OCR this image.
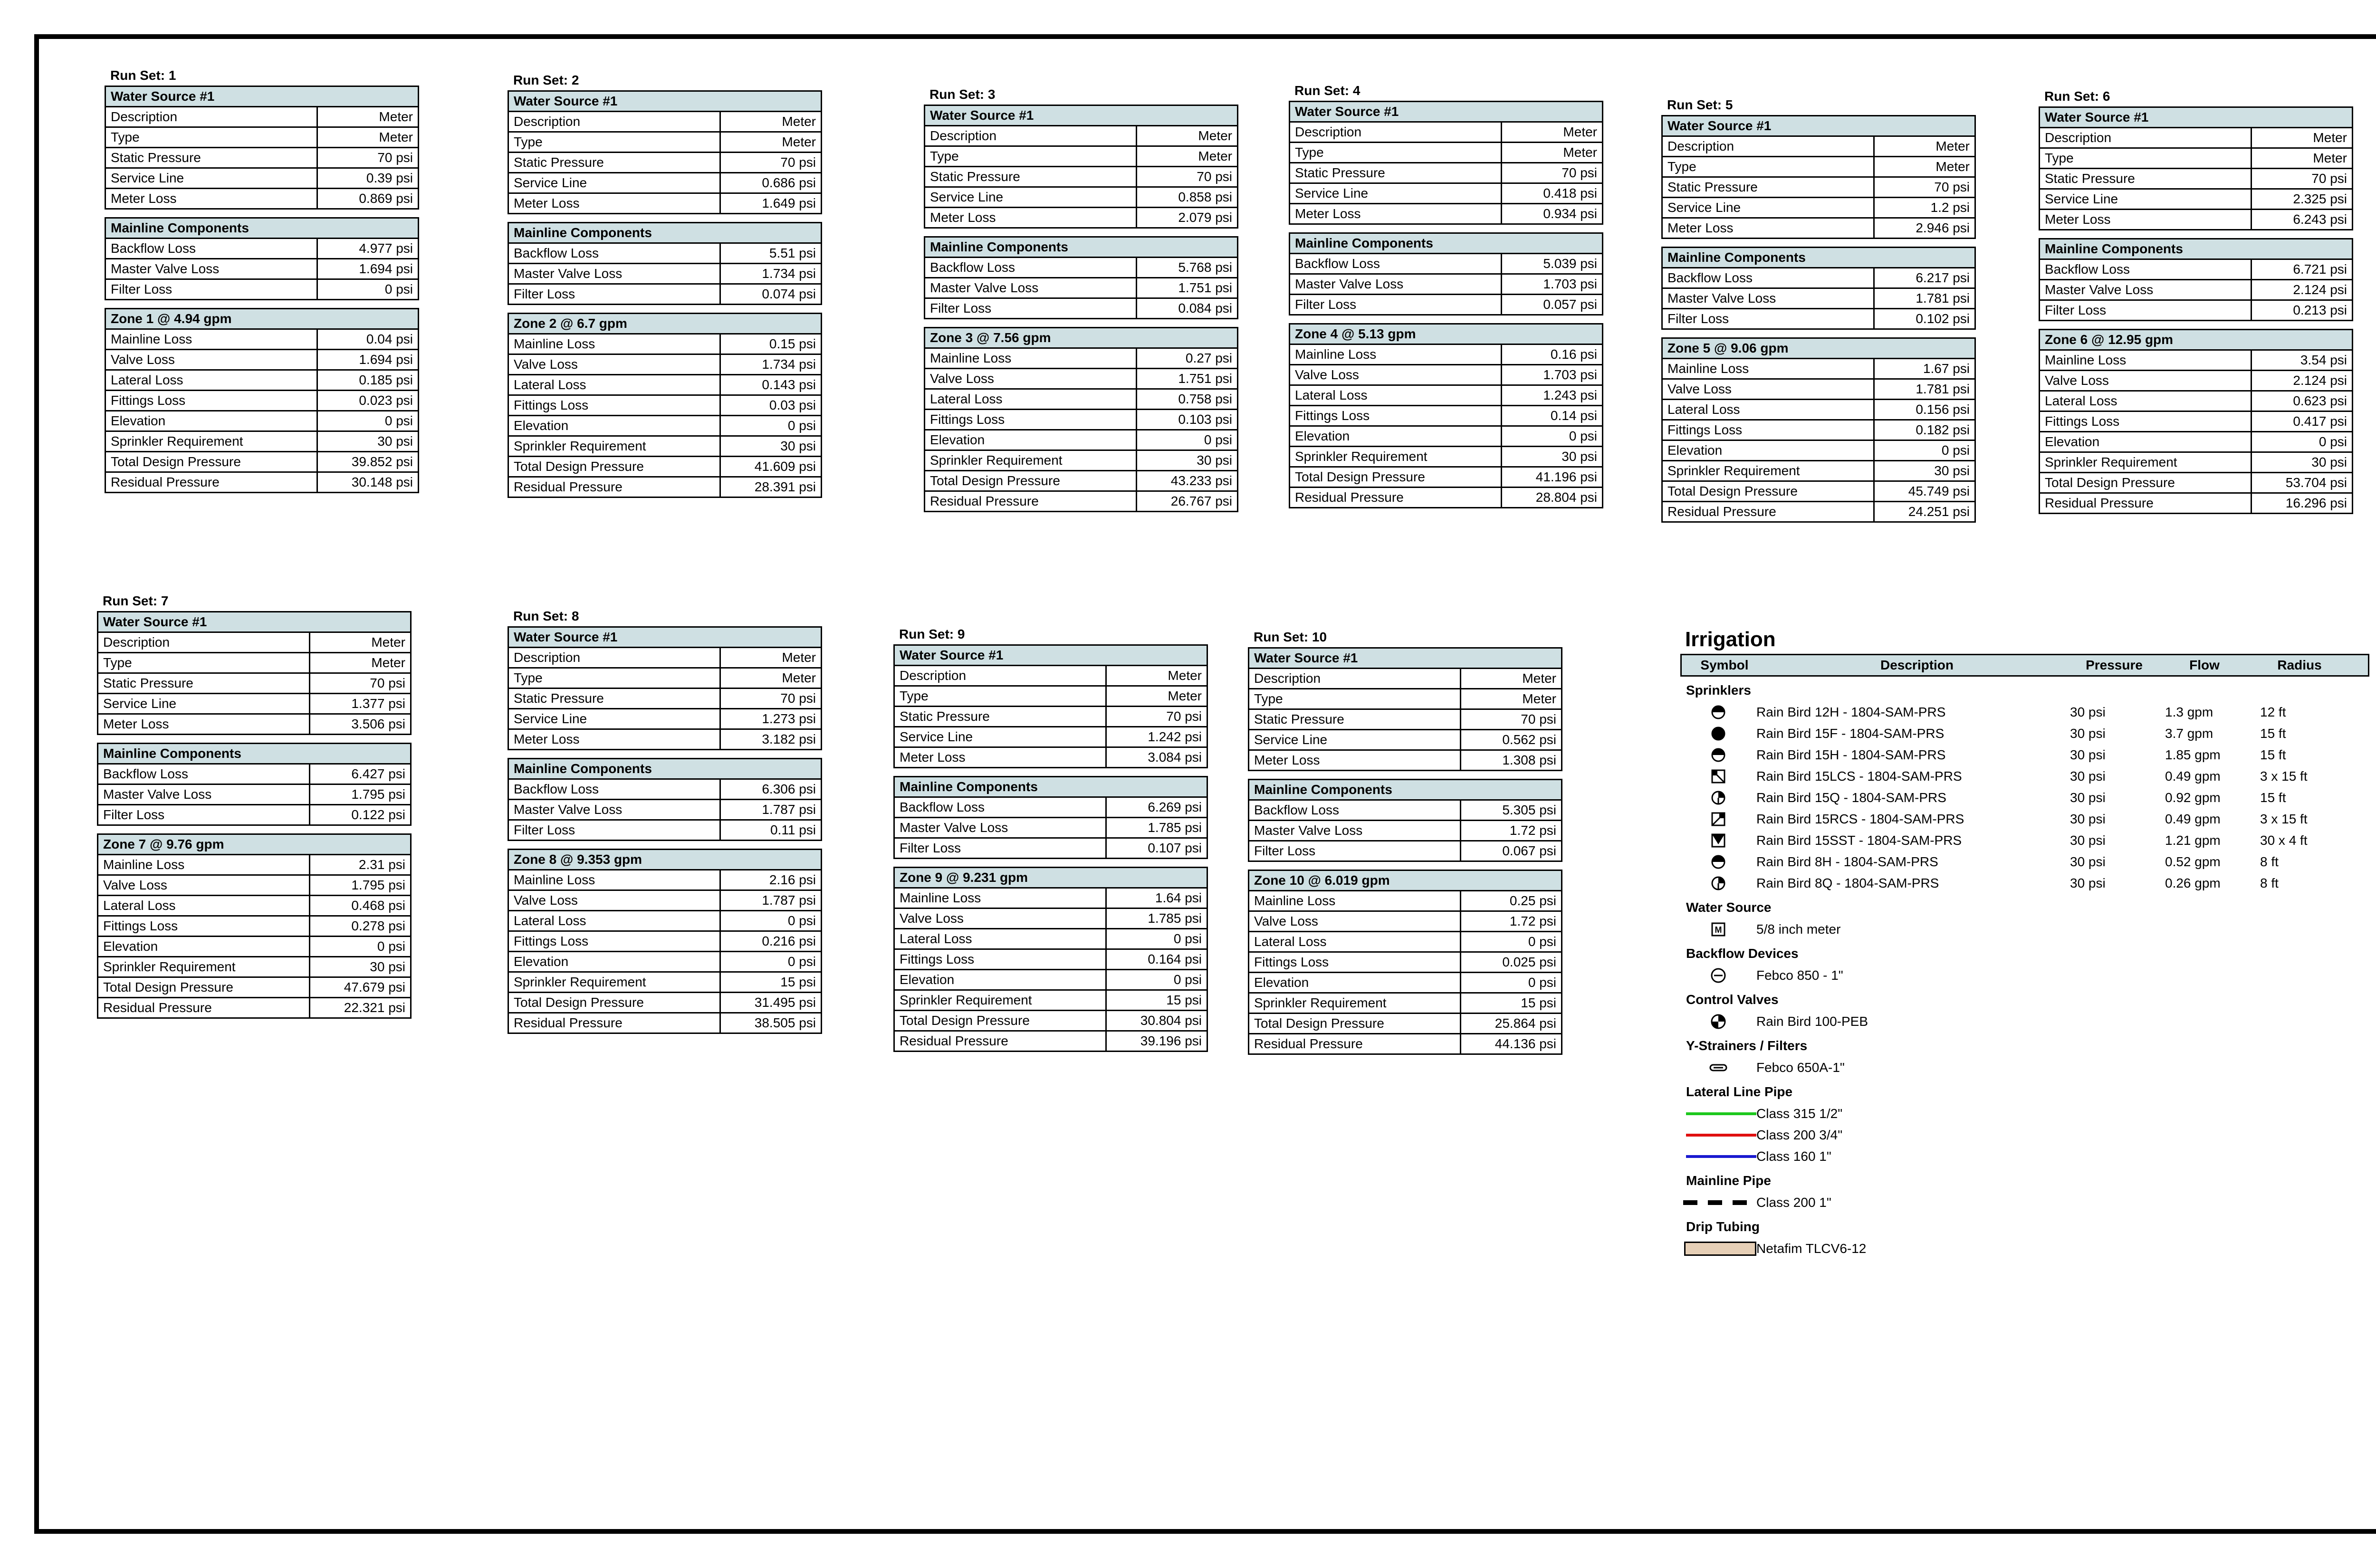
Run Set: 1
Water Source #1	
Description	Meter
Type	Meter
Static Pressure	70 psi
Service Line	0.39 psi
Meter Loss	0.869 psi
Mainline Components	
Backflow Loss	4.977 psi
Master Valve Loss	1.694 psi
Filter Loss	0 psi
Zone 1 @ 4.94 gpm	
Mainline Loss	0.04 psi
Valve Loss	1.694 psi
Lateral Loss	0.185 psi
Fittings Loss	0.023 psi
Elevation	0 psi
Sprinkler Requirement	30 psi
Total Design Pressure	39.852 psi
Residual Pressure	30.148 psi
Run Set: 2
Water Source #1	
Description	Meter
Type	Meter
Static Pressure	70 psi
Service Line	0.686 psi
Meter Loss	1.649 psi
Mainline Components	
Backflow Loss	5.51 psi
Master Valve Loss	1.734 psi
Filter Loss	0.074 psi
Zone 2 @ 6.7 gpm	
Mainline Loss	0.15 psi
Valve Loss	1.734 psi
Lateral Loss	0.143 psi
Fittings Loss	0.03 psi
Elevation	0 psi
Sprinkler Requirement	30 psi
Total Design Pressure	41.609 psi
Residual Pressure	28.391 psi
Run Set: 3
Water Source #1	
Description	Meter
Type	Meter
Static Pressure	70 psi
Service Line	0.858 psi
Meter Loss	2.079 psi
Mainline Components	
Backflow Loss	5.768 psi
Master Valve Loss	1.751 psi
Filter Loss	0.084 psi
Zone 3 @ 7.56 gpm	
Mainline Loss	0.27 psi
Valve Loss	1.751 psi
Lateral Loss	0.758 psi
Fittings Loss	0.103 psi
Elevation	0 psi
Sprinkler Requirement	30 psi
Total Design Pressure	43.233 psi
Residual Pressure	26.767 psi
Run Set: 4
Water Source #1	
Description	Meter
Type	Meter
Static Pressure	70 psi
Service Line	0.418 psi
Meter Loss	0.934 psi
Mainline Components	
Backflow Loss	5.039 psi
Master Valve Loss	1.703 psi
Filter Loss	0.057 psi
Zone 4 @ 5.13 gpm	
Mainline Loss	0.16 psi
Valve Loss	1.703 psi
Lateral Loss	1.243 psi
Fittings Loss	0.14 psi
Elevation	0 psi
Sprinkler Requirement	30 psi
Total Design Pressure	41.196 psi
Residual Pressure	28.804 psi
Run Set: 5
Water Source #1	
Description	Meter
Type	Meter
Static Pressure	70 psi
Service Line	1.2 psi
Meter Loss	2.946 psi
Mainline Components	
Backflow Loss	6.217 psi
Master Valve Loss	1.781 psi
Filter Loss	0.102 psi
Zone 5 @ 9.06 gpm	
Mainline Loss	1.67 psi
Valve Loss	1.781 psi
Lateral Loss	0.156 psi
Fittings Loss	0.182 psi
Elevation	0 psi
Sprinkler Requirement	30 psi
Total Design Pressure	45.749 psi
Residual Pressure	24.251 psi
Run Set: 6
Water Source #1	
Description	Meter
Type	Meter
Static Pressure	70 psi
Service Line	2.325 psi
Meter Loss	6.243 psi
Mainline Components	
Backflow Loss	6.721 psi
Master Valve Loss	2.124 psi
Filter Loss	0.213 psi
Zone 6 @ 12.95 gpm	
Mainline Loss	3.54 psi
Valve Loss	2.124 psi
Lateral Loss	0.623 psi
Fittings Loss	0.417 psi
Elevation	0 psi
Sprinkler Requirement	30 psi
Total Design Pressure	53.704 psi
Residual Pressure	16.296 psi
Run Set: 7
Water Source #1	
Description	Meter
Type	Meter
Static Pressure	70 psi
Service Line	1.377 psi
Meter Loss	3.506 psi
Mainline Components	
Backflow Loss	6.427 psi
Master Valve Loss	1.795 psi
Filter Loss	0.122 psi
Zone 7 @ 9.76 gpm	
Mainline Loss	2.31 psi
Valve Loss	1.795 psi
Lateral Loss	0.468 psi
Fittings Loss	0.278 psi
Elevation	0 psi
Sprinkler Requirement	30 psi
Total Design Pressure	47.679 psi
Residual Pressure	22.321 psi
Run Set: 8
Water Source #1	
Description	Meter
Type	Meter
Static Pressure	70 psi
Service Line	1.273 psi
Meter Loss	3.182 psi
Mainline Components	
Backflow Loss	6.306 psi
Master Valve Loss	1.787 psi
Filter Loss	0.11 psi
Zone 8 @ 9.353 gpm	
Mainline Loss	2.16 psi
Valve Loss	1.787 psi
Lateral Loss	0 psi
Fittings Loss	0.216 psi
Elevation	0 psi
Sprinkler Requirement	15 psi
Total Design Pressure	31.495 psi
Residual Pressure	38.505 psi
Run Set: 9
Water Source #1	
Description	Meter
Type	Meter
Static Pressure	70 psi
Service Line	1.242 psi
Meter Loss	3.084 psi
Mainline Components	
Backflow Loss	6.269 psi
Master Valve Loss	1.785 psi
Filter Loss	0.107 psi
Zone 9 @ 9.231 gpm	
Mainline Loss	1.64 psi
Valve Loss	1.785 psi
Lateral Loss	0 psi
Fittings Loss	0.164 psi
Elevation	0 psi
Sprinkler Requirement	15 psi
Total Design Pressure	30.804 psi
Residual Pressure	39.196 psi
Run Set: 10
Water Source #1	
Description	Meter
Type	Meter
Static Pressure	70 psi
Service Line	0.562 psi
Meter Loss	1.308 psi
Mainline Components	
Backflow Loss	5.305 psi
Master Valve Loss	1.72 psi
Filter Loss	0.067 psi
Zone 10 @ 6.019 gpm	
Mainline Loss	0.25 psi
Valve Loss	1.72 psi
Lateral Loss	0 psi
Fittings Loss	0.025 psi
Elevation	0 psi
Sprinkler Requirement	15 psi
Total Design Pressure	25.864 psi
Residual Pressure	44.136 psi
Irrigation
Symbol	Description	Pressure	Flow	Radius
Sprinklers
Rain Bird 12H - 1804-SAM-PRS	30 psi	1.3 gpm	12 ft
Rain Bird 15F - 1804-SAM-PRS	30 psi	3.7 gpm	15 ft
Rain Bird 15H - 1804-SAM-PRS	30 psi	1.85 gpm	15 ft
Rain Bird 15LCS - 1804-SAM-PRS	30 psi	0.49 gpm	3 x 15 ft
Rain Bird 15Q - 1804-SAM-PRS	30 psi	0.92 gpm	15 ft
Rain Bird 15RCS - 1804-SAM-PRS	30 psi	0.49 gpm	3 x 15 ft
Rain Bird 15SST - 1804-SAM-PRS	30 psi	1.21 gpm	30 x 4 ft
Rain Bird 8H - 1804-SAM-PRS	30 psi	0.52 gpm	8 ft
Rain Bird 8Q - 1804-SAM-PRS	30 psi	0.26 gpm	8 ft
Water Source
M	5/8 inch meter
Backflow Devices
Febco 850 - 1"
Control Valves
Rain Bird 100-PEB
Y-Strainers / Filters
Febco 650A-1"
Lateral Line Pipe
Class 315 1/2"
Class 200 3/4"
Class 160 1"
Mainline Pipe
Class 200 1"
Drip Tubing
Netafim TLCV6-12
